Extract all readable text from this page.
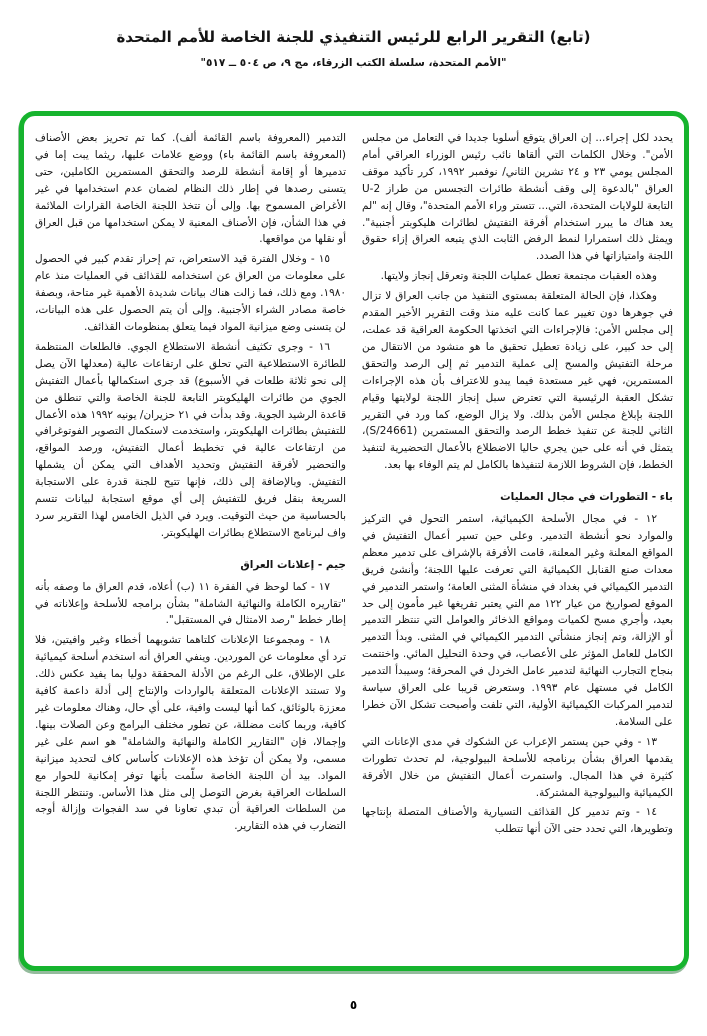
(تابع) التقرير الرابع للرئيس التنفيذي للجنة الخاصة للأمم المتحدة
"الأمم المتحدة، سلسلة الكتب الزرقاء، مج ٩، ص ٥٠٤ ــ ٥١٧"

يحدد لكل إجراء... إن العراق يتوقع أسلوبا جديدا في التعامل من مجلس الأمن". وخلال الكلمات التي ألقاها نائب رئيس الوزراء العراقي أمام المجلس يومي ٢٣ و ٢٤ تشرين الثاني/ نوفمبر ١٩٩٢، كرر تأكيد موقف العراق "بالدعوة إلى وقف أنشطة طائرات التجسس من طراز U-2 التابعة للولايات المتحدة، التي... تتستر وراء الأمم المتحدة"، وقال إنه "لم يعد هناك ما يبرر استخدام أفرقة التفتيش لطائرات هليكوبتر أجنبية". ويمثل ذلك استمرارا لنمط الرفض الثابت الذي يتبعه العراق إزاء حقوق اللجنة وامتيازاتها في هذا الصدد.

وهذه العقبات مجتمعة تعطل عمليات اللجنة وتعرقل إنجاز ولايتها.

وهكذا، فإن الحالة المتعلقة بمستوى التنفيذ من جانب العراق لا تزال في جوهرها دون تغيير عما كانت عليه منذ وقت التقرير الأخير المقدم إلى مجلس الأمن: فالإجراءات التي اتخذتها الحكومة العراقية قد عملت، إلى حد كبير، على زيادة تعطيل تحقيق ما هو منشود من الانتقال من مرحلة التفتيش والمسح إلى عملية التدمير ثم إلى الرصد والتحقق المستمرين، فهي غير مستعدة فيما يبدو للاعتراف بأن هذه الإجراءات تشكل العقبة الرئيسية التي تعترض سبل إنجاز اللجنة لولايتها وقيام اللجنة بإبلاغ مجلس الأمن بذلك. ولا يزال الوضع، كما ورد في التقرير الثاني للجنة عن تنفيذ خطط الرصد والتحقق المستمرين (S/24661)، يتمثل في أنه على حين يجري حاليا الاضطلاع بالأعمال التحضيرية لتنفيذ الخطط، فإن الشروط اللازمة لتنفيذها بالكامل لم يتم الوفاء بها بعد.

باء - التطورات في مجال العمليات

١٢ - في مجال الأسلحة الكيميائية، استمر التحول في التركيز والموارد نحو أنشطة التدمير. وعلى حين تسير أعمال التفتيش في المواقع المعلنة وغير المعلنة، قامت الأفرقة بالإشراف على تدمير معظم معدات صنع القنابل الكيميائية التي تعرفت عليها اللجنة؛ وأنشئ فريق التدمير الكيميائي في بغداد في منشأة المثنى العامة؛ واستمر التدمير في الموقع لصواريخ من عيار ١٢٢ مم التي يعتبر تفريغها غير مأمون إلى حد بعيد، وأجري مسح لكميات ومواقع الذخائر والعوامل التي تنتظر التدمير أو الإزالة، وتم إنجاز منشأتي التدمير الكيميائي في المثنى. وبدأ التدمير الكامل للعامل المؤثر على الأعصاب، في وحدة التحليل المائي. واختتمت بنجاح التجارب النهائية لتدمير عامل الخردل في المحرقة؛ وسيبدأ التدمير الكامل في مستهل عام ١٩٩٣. وستعرض قريبا على العراق سياسة لتدمير المركبات الكيميائية الأولية، التي تلفت وأصبحت تشكل الآن خطرا على السلامة.

١٣ - وفي حين يستمر الإعراب عن الشكوك في مدى الإعانات التي يقدمها العراق بشأن برنامجه للأسلحة البيولوجية، لم تحدث تطورات كثيرة في هذا المجال. واستمرت أعمال التفتيش من خلال الأفرقة الكيميائية والبيولوجية المشتركة.

١٤ - وتم تدمير كل القذائف التسيارية والأصناف المتصلة بإنتاجها وتطويرها، التي تحدد حتى الآن أنها تتطلب

التدمير (المعروفة باسم القائمة ألف). كما تم تحريز بعض الأصناف (المعروفة باسم القائمة باء) ووضع علامات عليها، ريثما يبت إما في تدميرها أو إقامة أنشطة للرصد والتحقق المستمرين الكاملين، حتى يتسنى رصدها في إطار ذلك النظام لضمان عدم استخدامها في غير الأغراض المسموح بها. وإلى أن تتخذ اللجنة الخاصة القرارات الملائمة في هذا الشأن، فإن الأصناف المعنية لا يمكن استخدامها من قبل العراق أو نقلها من مواقعها.

١٥ - وخلال الفترة قيد الاستعراض، تم إحراز تقدم كبير في الحصول على معلومات من العراق عن استخدامه للقذائف في العمليات منذ عام ١٩٨٠. ومع ذلك، فما زالت هناك بيانات شديدة الأهمية غير متاحة، وبصفة خاصة مصادر الشراء الأجنبية. وإلى أن يتم الحصول على هذه البيانات، لن يتسنى وضع ميزانية المواد فيما يتعلق بمنظومات القذائف.

١٦ - وجرى تكثيف أنشطة الاستطلاع الجوي. فالطلعات المنتظمة للطائرة الاستطلاعية التي تحلق على ارتفاعات عالية (معدلها الآن يصل إلى نحو ثلاثة طلعات في الأسبوع) قد جرى استكمالها بأعمال التفتيش الجوي من طائرات الهليكوبتر التابعة للجنة الخاصة والتي تنطلق من قاعدة الرشيد الجوية. وقد بدأت في ٢١ حزيران/ يونيه ١٩٩٢ هذه الأعمال للتفتيش بطائرات الهليكوبتر، واستخدمت لاستكمال التصوير الفوتوغرافي من ارتفاعات عالية في تخطيط أعمال التفتيش، ورصد المواقع، والتحضير لأفرقة التفتيش وتحديد الأهداف التي يمكن أن يشملها التفتيش. وبالإضافة إلى ذلك، فإنها تتيح للجنة قدرة على الاستجابة السريعة بنقل فريق للتفتيش إلى أي موقع استجابة لبيانات تتسم بالحساسية من حيث التوقيت. ويرد في الذيل الخامس لهذا التقرير سرد واف لبرنامج الاستطلاع بطائرات الهليكوبتر.

جيم - إعلانات العراق

١٧ - كما لوحظ في الفقرة ١١ (ب) أعلاه، قدم العراق ما وصفه بأنه "تقاريره الكاملة والنهائية الشاملة" بشأن برامجه للأسلحة وإعلاناته في إطار خطط "رصد الامتثال في المستقبل".

١٨ - ومجموعتا الإعلانات كلتاهما تشوبهما أخطاء وغير وافيتين، فلا ترد أي معلومات عن الموردين. وينفي العراق أنه استخدم أسلحة كيميائية على الإطلاق، على الرغم من الأدلة المحققة دوليا بما يفيد عكس ذلك. ولا تستند الإعلانات المتعلقة بالواردات والإنتاج إلى أدلة داعمة كافية معززة بالوثائق، كما أنها ليست وافية، على أي حال، وهناك معلومات غير كافية، وربما كانت مضللة، عن تطور مختلف البرامج وعن الصلات بينها. وإجمالا، فإن "التقارير الكاملة والنهائية والشاملة" هو اسم على غير مسمى، ولا يمكن أن تؤخذ هذه الإعلانات كأساس كاف لتحديد ميزانية المواد. بيد أن اللجنة الخاصة سلّمت بأنها توفر إمكانية للحوار مع السلطات العراقية بغرض التوصل إلى مثل هذا الأساس. وتنتظر اللجنة من السلطات العراقية أن تبدي تعاونا في سد الفجوات وإزالة أوجه التضارب في هذه التقارير.

٥
